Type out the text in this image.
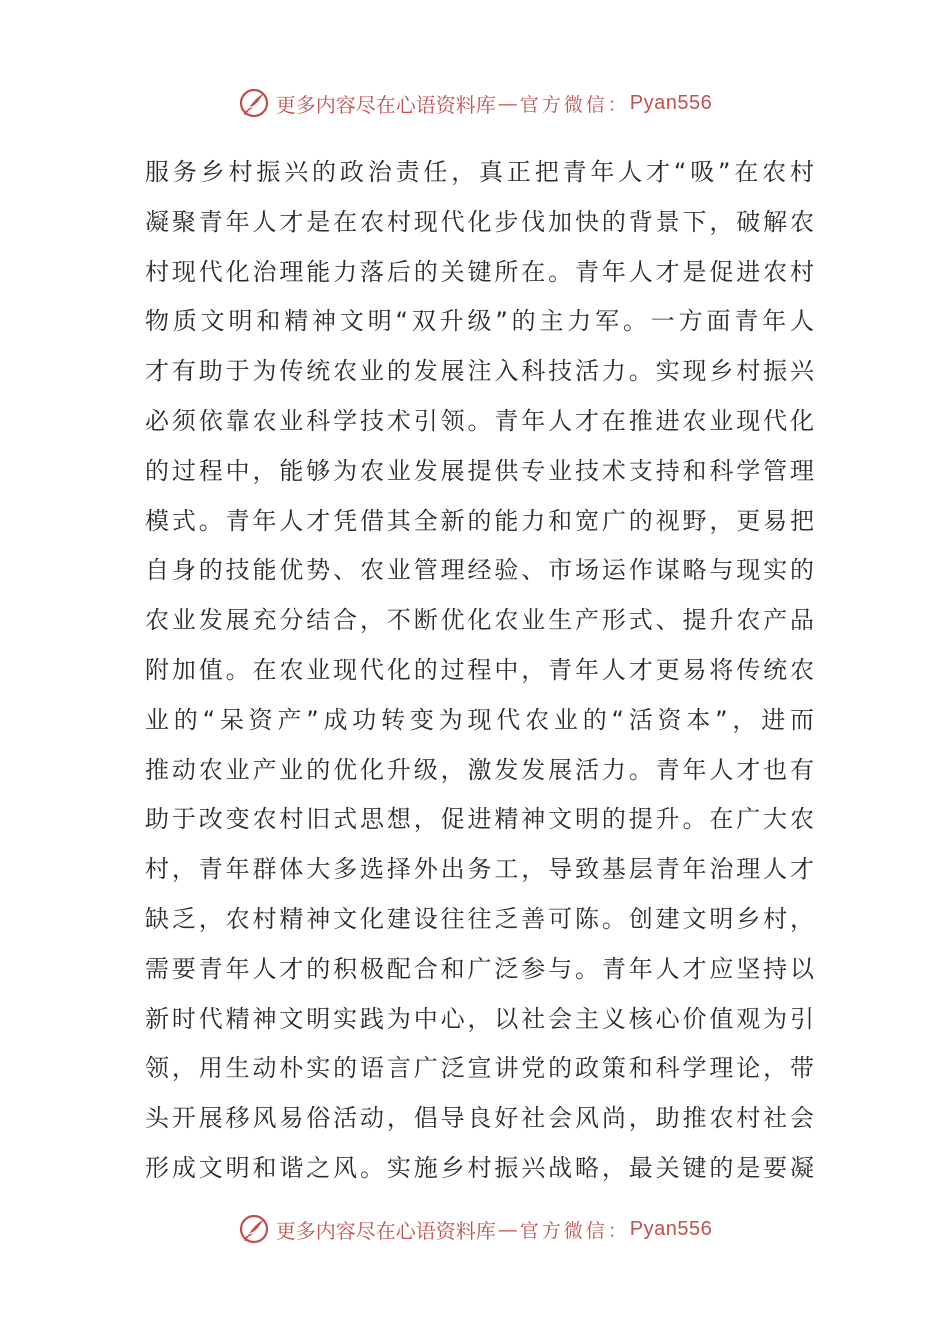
更多内容尽在心语资料库 — 官方微信： Pyan556
服务乡村振兴的政治责任，真正把青年人才“吸”在农村
凝聚青年人才是在农村现代化步伐加快的背景下，破解农
村现代化治理能力落后的关键所在。青年人才是促进农村
物质文明和精神文明“双升级”的主力军。一方面青年人
才有助于为传统农业的发展注入科技活力。实现乡村振兴
必须依靠农业科学技术引领。青年人才在推进农业现代化
的过程中，能够为农业发展提供专业技术支持和科学管理
模式。青年人才凭借其全新的能力和宽广的视野，更易把
自身的技能优势、农业管理经验、市场运作谋略与现实的
农业发展充分结合，不断优化农业生产形式、提升农产品
附加值。在农业现代化的过程中，青年人才更易将传统农
业的“呆资产”成功转变为现代农业的“活资本”，进而
推动农业产业的优化升级，激发发展活力。青年人才也有
助于改变农村旧式思想，促进精神文明的提升。在广大农
村，青年群体大多选择外出务工，导致基层青年治理人才
缺乏，农村精神文化建设往往乏善可陈。创建文明乡村，
需要青年人才的积极配合和广泛参与。青年人才应坚持以
新时代精神文明实践为中心，以社会主义核心价值观为引
领，用生动朴实的语言广泛宣讲党的政策和科学理论，带
头开展移风易俗活动，倡导良好社会风尚，助推农村社会
形成文明和谐之风。实施乡村振兴战略，最关键的是要凝
更多内容尽在心语资料库 — 官方微信： Pyan556
